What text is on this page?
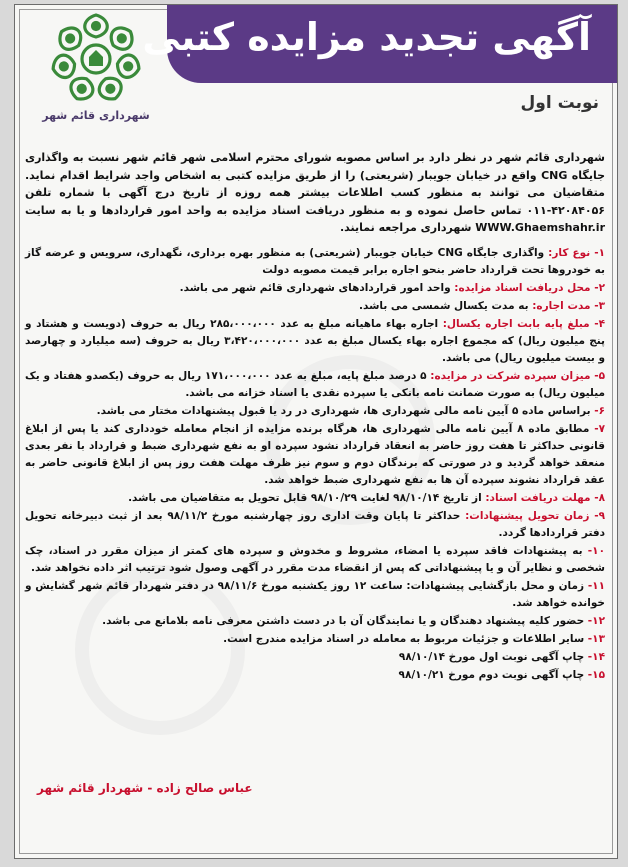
آگهی تجدید مزایده کتبی
نوبت اول
شهرداری قائم شهر

شهرداری قائم شهر در نظر دارد بر اساس مصوبه شورای محترم اسلامی شهر قائم شهر نسبت به واگذاری جایگاه CNG واقع در خیابان جویبار (شریعتی) را از طریق مزایده کتبی به اشخاص واجد شرایط اقدام نماید. متقاضیان می توانند به منظور کسب اطلاعات بیشتر همه روزه از تاریخ درج آگهی با شماره تلفن ۴۲۰۸۴۰۵۶-۰۱۱ تماس حاصل نموده و به منظور دریافت اسناد مزایده به واحد امور قراردادها و یا به سایت WWW.Ghaemshahr.ir شهرداری مراجعه نمایند.

۱- نوع کار: واگذاری جایگاه CNG خیابان جویبار (شریعتی) به منظور بهره برداری، نگهداری، سرویس و عرضه گاز به خودروها تحت قرارداد حاضر بنحو اجاره برابر قیمت مصوبه دولت

۲- محل دریافت اسناد مزایده: واحد امور قراردادهای شهرداری قائم شهر می باشد.

۳- مدت اجاره: به مدت یکسال شمسی می باشد.

۴- مبلغ پایه بابت اجاره یکسال: اجاره بهاء ماهیانه مبلغ به عدد ۲۸۵،۰۰۰،۰۰۰ ریال به حروف (دویست و هشتاد و پنج میلیون ریال) که مجموع اجاره بهاء یکسال مبلغ به عدد ۳،۴۲۰،۰۰۰،۰۰۰ ریال به حروف (سه میلیارد و چهارصد و بیست میلیون ریال) می باشد.

۵- میزان سپرده شرکت در مزایده: ۵ درصد مبلغ پایه، مبلغ به عدد ۱۷۱،۰۰۰،۰۰۰ ریال به حروف (یکصدو هفتاد و یک میلیون ریال) به صورت ضمانت نامه بانکی یا سپرده نقدی یا اسناد خزانه می باشد.

۶- براساس ماده ۵ آیین نامه مالی شهرداری ها، شهرداری در رد یا قبول پیشنهادات مختار می باشد.

۷- مطابق ماده ۸ آیین نامه مالی شهرداری ها، هرگاه برنده مزایده از انجام معامله خودداری کند یا پس از ابلاغ قانونی حداکثر تا هفت روز حاضر به انعقاد قرارداد نشود سپرده او به نفع شهرداری ضبط و قرارداد با نفر بعدی منعقد خواهد گردید و در صورتی که برندگان دوم و سوم نیز ظرف مهلت هفت روز پس از ابلاغ قانونی حاضر به عقد قرارداد نشوند سپرده آن ها به نفع شهرداری ضبط خواهد شد.

۸- مهلت دریافت اسناد: از تاریخ ۹۸/۱۰/۱۴ لغایت ۹۸/۱۰/۲۹ قابل تحویل به متقاضیان می باشد.

۹- زمان تحویل پیشنهادات: حداکثر تا پایان وقت اداری روز چهارشنبه مورخ ۹۸/۱۱/۲ بعد از ثبت دبیرخانه تحویل دفتر قراردادها گردد.

۱۰- به پیشنهادات فاقد سپرده یا امضاء، مشروط و مخدوش و سپرده های کمتر از میزان مقرر در اسناد، چک شخصی و نظایر آن و یا پیشنهاداتی که پس از انقضاء مدت مقرر در آگهی وصول شود ترتیب اثر داده نخواهد شد.

۱۱- زمان و محل بازگشایی پیشنهادات: ساعت ۱۲ روز یکشنبه مورخ ۹۸/۱۱/۶ در دفتر شهردار قائم شهر گشایش و خوانده خواهد شد.

۱۲- حضور کلیه پیشنهاد دهندگان و یا نمایندگان آن با در دست داشتن معرفی نامه بلامانع می باشد.

۱۳- سایر اطلاعات و جزئیات مربوط به معامله در اسناد مزایده مندرج است.

۱۴- چاپ آگهی نوبت اول مورخ ۹۸/۱۰/۱۴

۱۵- چاپ آگهی نوبت دوم مورخ ۹۸/۱۰/۲۱

عباس صالح زاده - شهردار قائم شهر
